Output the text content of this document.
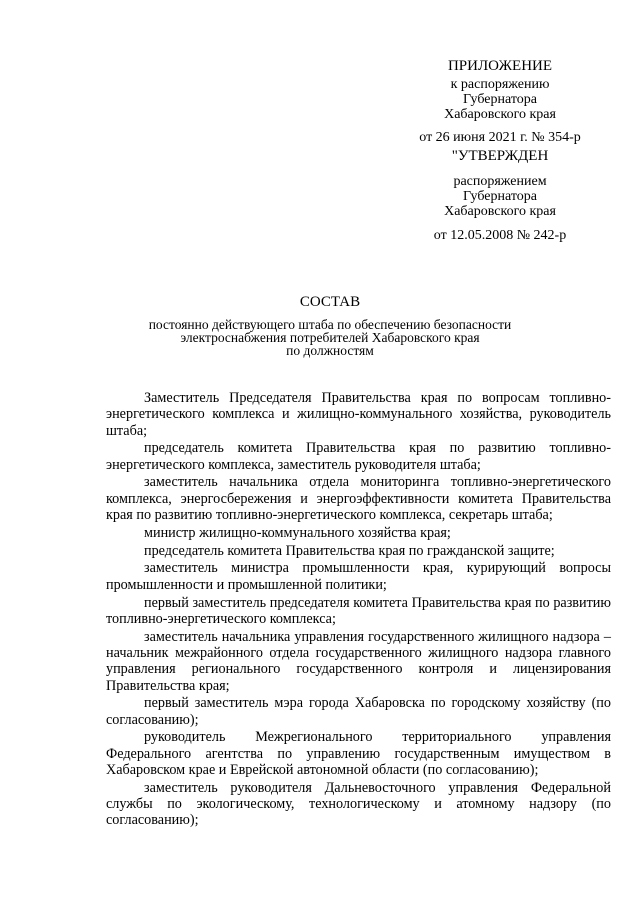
ПРИЛОЖЕНИЕ
к распоряжению
Губернатора
Хабаровского края
от 26 июня 2021 г. № 354-р
"УТВЕРЖДЕН
распоряжением
Губернатора
Хабаровского края
от 12.05.2008 № 242-р
СОСТАВ
постоянно действующего штаба по обеспечению безопасности
электроснабжения потребителей Хабаровского края
по должностям

Заместитель Председателя Правительства края по вопросам топливно-энергетического комплекса и жилищно-коммунального хозяйства, руководитель штаба;

председатель комитета Правительства края по развитию топливно-энергетического комплекса, заместитель руководителя штаба;

заместитель начальника отдела мониторинга топливно-энергетического комплекса, энергосбережения и энергоэффективности комитета Правительства края по развитию топливно-энергетического комплекса, секретарь штаба;

министр жилищно-коммунального хозяйства края;

председатель комитета Правительства края по гражданской защите;

заместитель министра промышленности края, курирующий вопросы промышленности и промышленной политики;

первый заместитель председателя комитета Правительства края по развитию топливно-энергетического комплекса;

заместитель начальника управления государственного жилищного надзора – начальник межрайонного отдела государственного жилищного надзора главного управления регионального государственного контроля и лицензирования Правительства края;

первый заместитель мэра города Хабаровска по городскому хозяйству (по согласованию);

руководитель Межрегионального территориального управления Федерального агентства по управлению государственным имуществом в Хабаровском крае и Еврейской автономной области (по согласованию);

заместитель руководителя Дальневосточного управления Федеральной службы по экологическому, технологическому и атомному надзору (по согласованию);
